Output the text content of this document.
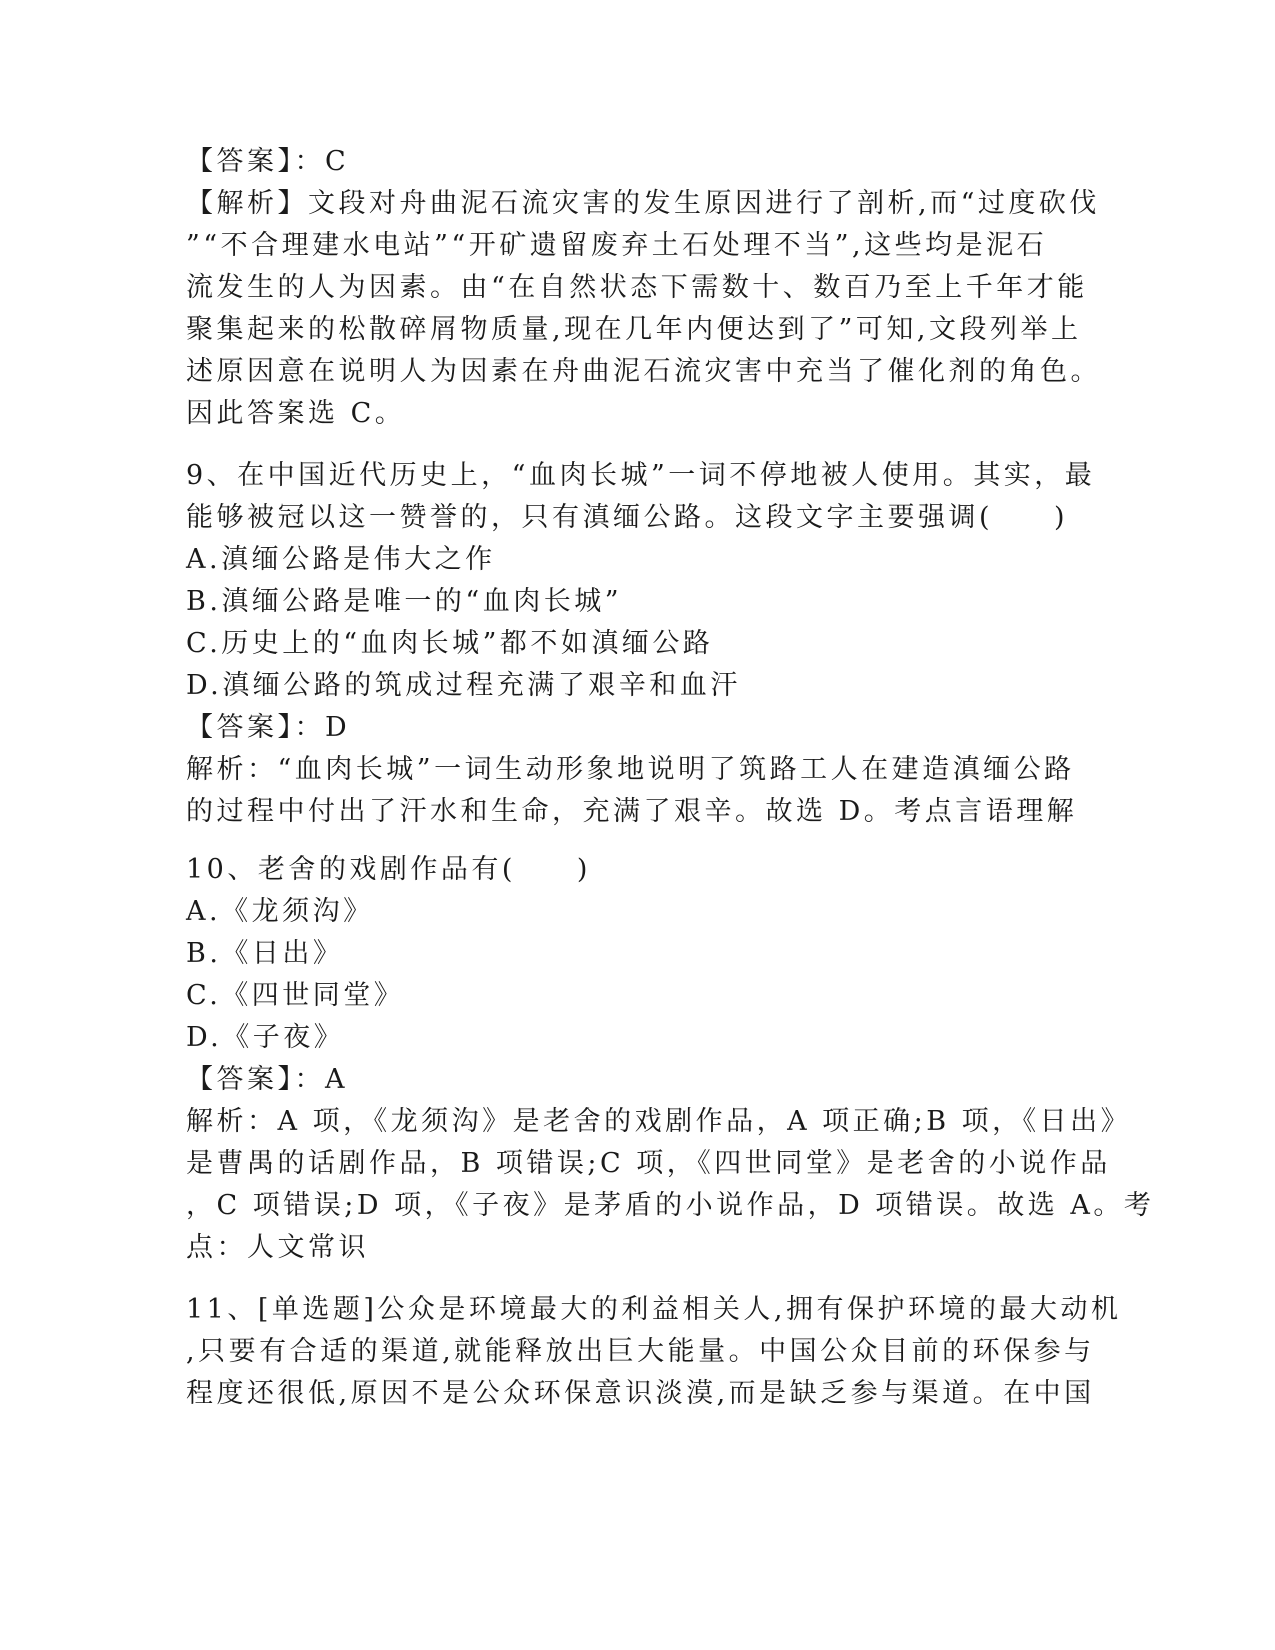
【答案】：C
【解析】文段对舟曲泥石流灾害的发生原因进行了剖析,而“过度砍伐
”“不合理建水电站”“开矿遗留废弃土石处理不当”,这些均是泥石
流发生的人为因素。由“在自然状态下需数十、数百乃至上千年才能
聚集起来的松散碎屑物质量,现在几年内便达到了”可知,文段列举上
述原因意在说明人为因素在舟曲泥石流灾害中充当了催化剂的角色。
因此答案选 C。
9、在中国近代历史上，“血肉长城”一词不停地被人使用。其实，最
能够被冠以这一赞誉的，只有滇缅公路。这段文字主要强调(　　)
A.滇缅公路是伟大之作
B.滇缅公路是唯一的“血肉长城”
C.历史上的“血肉长城”都不如滇缅公路
D.滇缅公路的筑成过程充满了艰辛和血汗
【答案】：D
解析：“血肉长城”一词生动形象地说明了筑路工人在建造滇缅公路
的过程中付出了汗水和生命，充满了艰辛。故选 D。考点言语理解
10、老舍的戏剧作品有(　　)
A.《龙须沟》
B.《日出》
C.《四世同堂》
D.《子夜》
【答案】：A
解析：A 项，《龙须沟》是老舍的戏剧作品，A 项正确;B 项，《日出》
是曹禺的话剧作品，B 项错误;C 项，《四世同堂》是老舍的小说作品
，C 项错误;D 项，《子夜》是茅盾的小说作品，D 项错误。故选 A。考
点：人文常识
11、[单选题]公众是环境最大的利益相关人,拥有保护环境的最大动机
,只要有合适的渠道,就能释放出巨大能量。中国公众目前的环保参与
程度还很低,原因不是公众环保意识淡漠,而是缺乏参与渠道。在中国
